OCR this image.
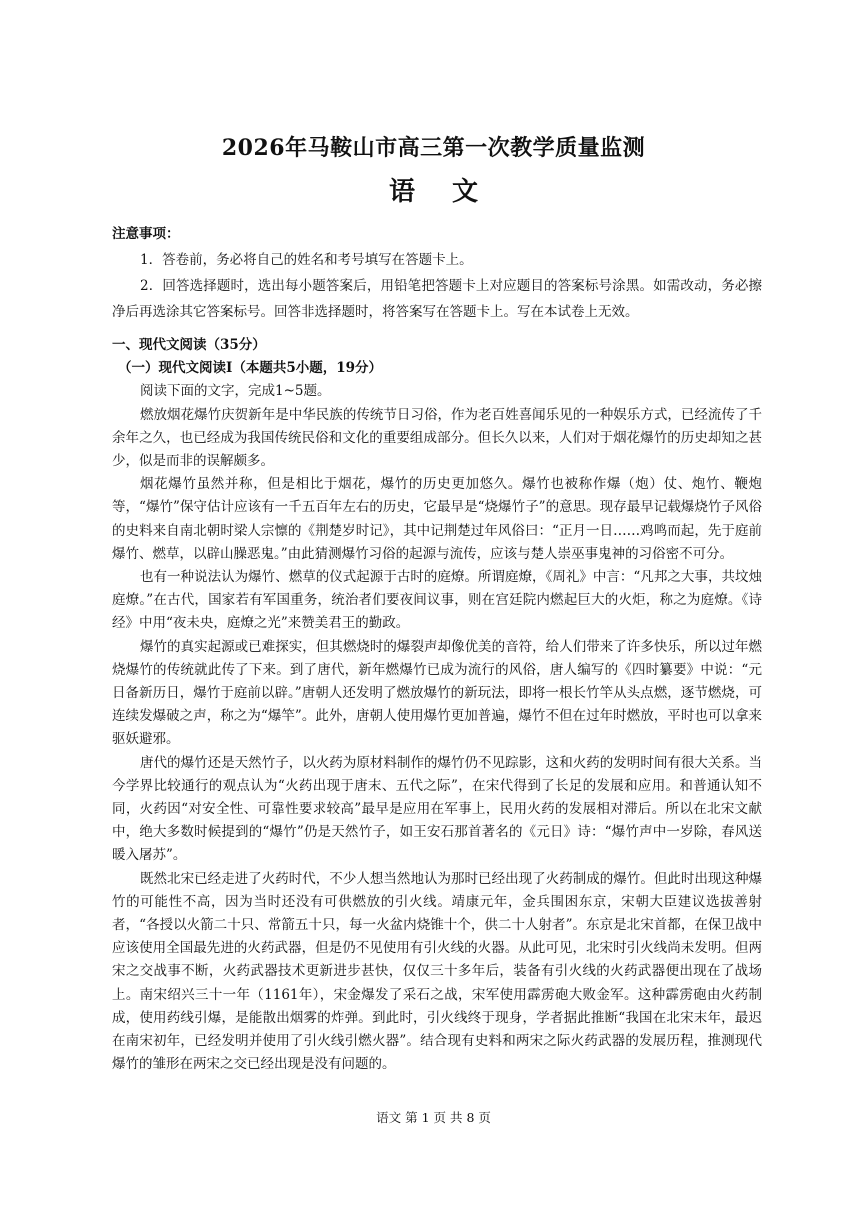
2026年马鞍山市高三第一次教学质量监测
语 文
注意事项：

1．答卷前，务必将自己的姓名和考号填写在答题卡上。

2．回答选择题时，选出每小题答案后，用铅笔把答题卡上对应题目的答案标号涂黑。如需改动，务必擦净后再选涂其它答案标号。回答非选择题时，将答案写在答题卡上。写在本试卷上无效。

一、现代文阅读（35分）
（一）现代文阅读Ⅰ（本题共5小题，19分）

阅读下面的文字，完成1~5题。

燃放烟花爆竹庆贺新年是中华民族的传统节日习俗，作为老百姓喜闻乐见的一种娱乐方式，已经流传了千余年之久，也已经成为我国传统民俗和文化的重要组成部分。但长久以来，人们对于烟花爆竹的历史却知之甚少，似是而非的误解颇多。

烟花爆竹虽然并称，但是相比于烟花，爆竹的历史更加悠久。爆竹也被称作爆（炮）仗、炮竹、鞭炮等，“爆竹”保守估计应该有一千五百年左右的历史，它最早是“烧爆竹子”的意思。现存最早记载爆烧竹子风俗的史料来自南北朝时梁人宗懔的《荆楚岁时记》，其中记荆楚过年风俗曰：“正月一日……鸡鸣而起，先于庭前爆竹、燃草，以辟山臊恶鬼。”由此猜测爆竹习俗的起源与流传，应该与楚人崇巫事鬼神的习俗密不可分。

也有一种说法认为爆竹、燃草的仪式起源于古时的庭燎。所谓庭燎，《周礼》中言：“凡邦之大事，共坟烛庭燎。”在古代，国家若有军国重务，统治者们要夜间议事，则在宫廷院内燃起巨大的火炬，称之为庭燎。《诗经》中用“夜未央，庭燎之光”来赞美君王的勤政。

爆竹的真实起源或已难探实，但其燃烧时的爆裂声却像优美的音符，给人们带来了许多快乐，所以过年燃烧爆竹的传统就此传了下来。到了唐代，新年燃爆竹已成为流行的风俗，唐人编写的《四时纂要》中说：“元日备新历日，爆竹于庭前以辟。”唐朝人还发明了燃放爆竹的新玩法，即将一根长竹竿从头点燃，逐节燃烧，可连续发爆破之声，称之为“爆竿”。此外，唐朝人使用爆竹更加普遍，爆竹不但在过年时燃放，平时也可以拿来驱妖避邪。

唐代的爆竹还是天然竹子，以火药为原材料制作的爆竹仍不见踪影，这和火药的发明时间有很大关系。当今学界比较通行的观点认为“火药出现于唐末、五代之际”，在宋代得到了长足的发展和应用。和普通认知不同，火药因“对安全性、可靠性要求较高”最早是应用在军事上，民用火药的发展相对滞后。所以在北宋文献中，绝大多数时候提到的“爆竹”仍是天然竹子，如王安石那首著名的《元日》诗：“爆竹声中一岁除，春风送暖入屠苏”。

既然北宋已经走进了火药时代，不少人想当然地认为那时已经出现了火药制成的爆竹。但此时出现这种爆竹的可能性不高，因为当时还没有可供燃放的引火线。靖康元年，金兵围困东京，宋朝大臣建议选拔善射者，“各授以火箭二十只、常箭五十只，每一火盆内烧锥十个，供二十人射者”。东京是北宋首都，在保卫战中应该使用全国最先进的火药武器，但是仍不见使用有引火线的火器。从此可见，北宋时引火线尚未发明。但两宋之交战事不断，火药武器技术更新进步甚快，仅仅三十多年后，装备有引火线的火药武器便出现在了战场上。南宋绍兴三十一年（1161年），宋金爆发了采石之战，宋军使用霹雳砲大败金军。这种霹雳砲由火药制成，使用药线引爆，是能散出烟雾的炸弹。到此时，引火线终于现身，学者据此推断“我国在北宋末年，最迟在南宋初年，已经发明并使用了引火线引燃火器”。结合现有史料和两宋之际火药武器的发展历程，推测现代爆竹的雏形在两宋之交已经出现是没有问题的。

语文 第 1 页 共 8 页
